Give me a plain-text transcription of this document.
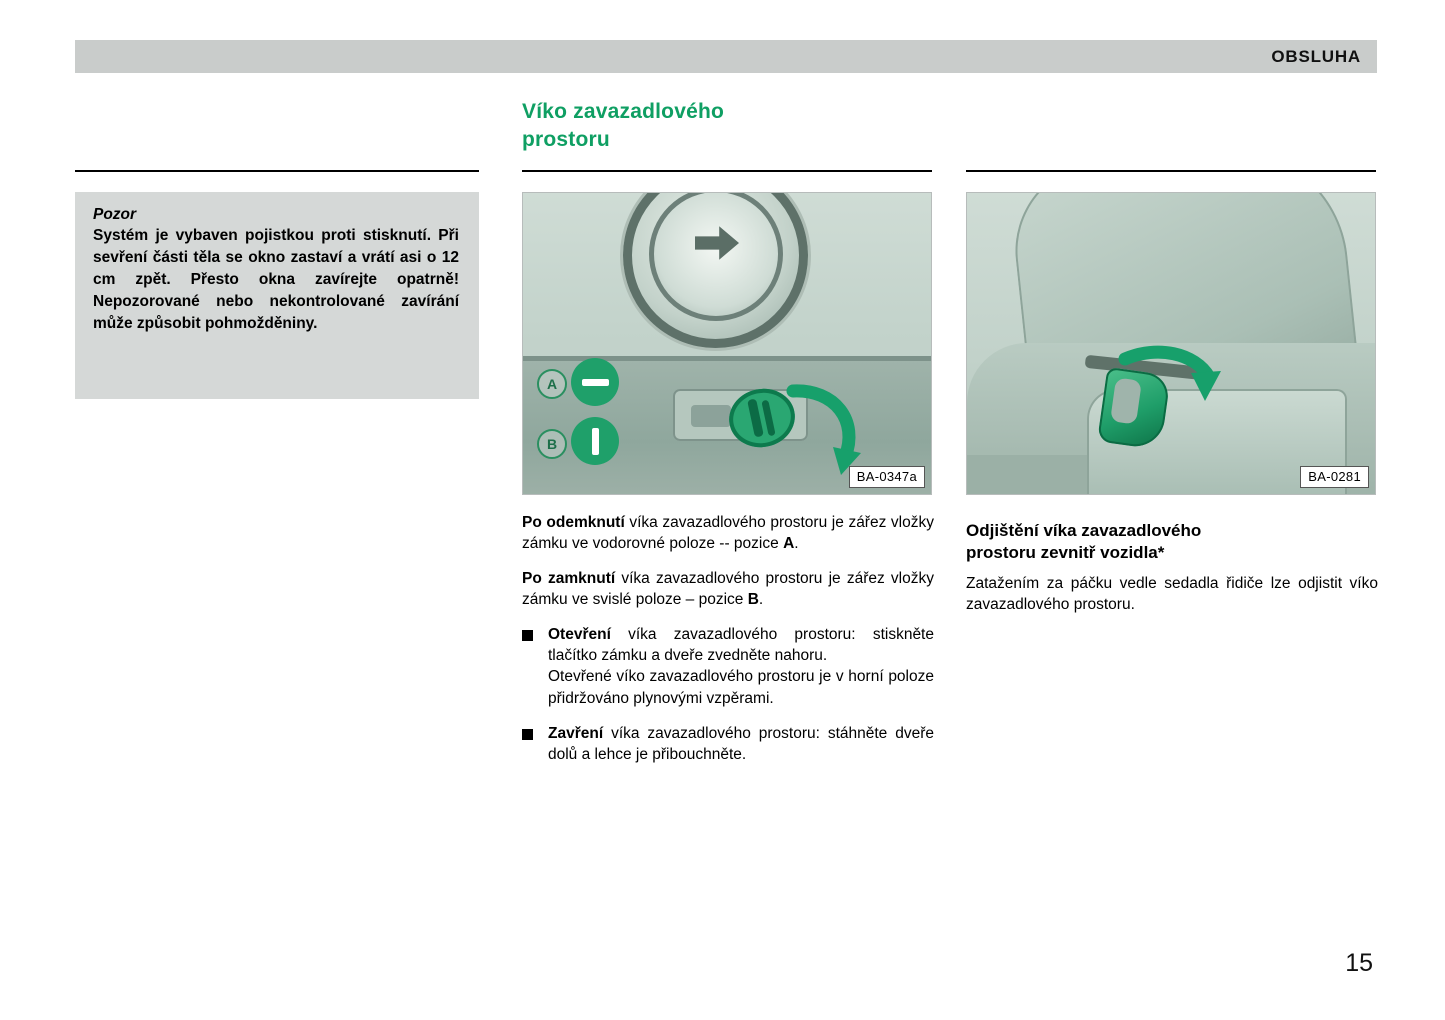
OBSLUHA
Víko zavazadlového
prostoru
Pozor
Systém je vybaven pojistkou proti stisknutí. Při sevření části těla se okno zastaví a vrátí asi o 12 cm zpět. Přesto okna zavírejte opatrně! Nepozorované nebo nekontrolované zavírání může způsobit pohmožděniny.
A
B
BA-0347a	BA-0281
Po odemknutí víka zavazadlového prostoru je zářez vložky zámku ve vodorovné poloze -- pozice A.
Po zamknutí víka zavazadlového prostoru je zářez vložky zámku ve svislé poloze – pozice B.
Otevření víka zavazadlového prostoru: stiskněte tlačítko zámku a dveře zvedněte nahoru.
Otevřené víko zavazadlového prostoru je v horní poloze přidržováno plynovými vzpěrami.
Zavření víka zavazadlového prostoru: stáhněte dveře dolů a lehce je přibouchněte.
Odjištění víka zavazadlového
prostoru zevnitř vozidla*
Zatažením za páčku vedle sedadla řidiče lze odjistit víko zavazadlového prostoru.
15
